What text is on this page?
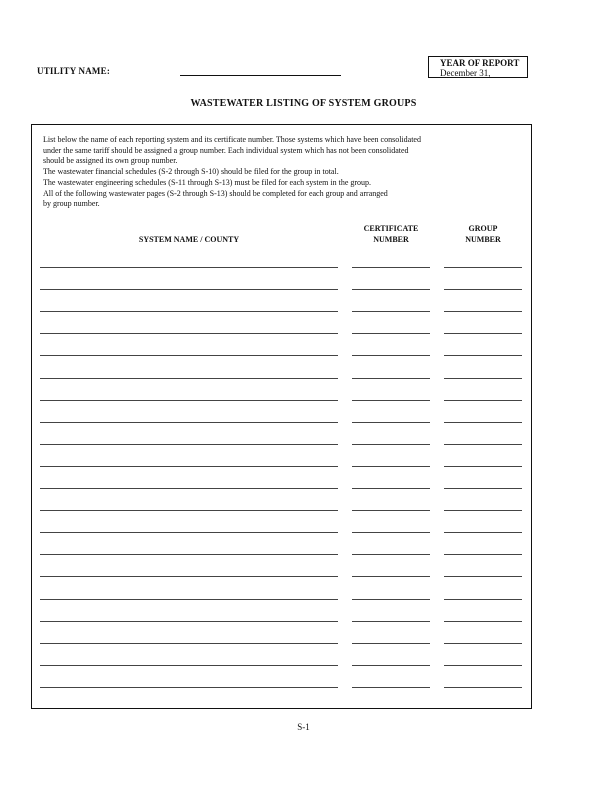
UTILITY NAME:
YEAR OF REPORT
December 31,
WASTEWATER LISTING OF SYSTEM GROUPS
List below the name of each reporting system and its certificate number. Those systems which have been consolidated
under the same tariff should be assigned a group number. Each individual system which has not been consolidated
should be assigned its own group number.
The wastewater financial schedules (S-2 through S-10) should be filed for the group in total.
The wastewater engineering schedules (S-11 through S-13) must be filed for each system in the group.
All of the following wastewater pages (S-2 through S-13) should be completed for each group and arranged
by group number.
SYSTEM NAME / COUNTY
CERTIFICATE
NUMBER
GROUP
NUMBER
S-1
